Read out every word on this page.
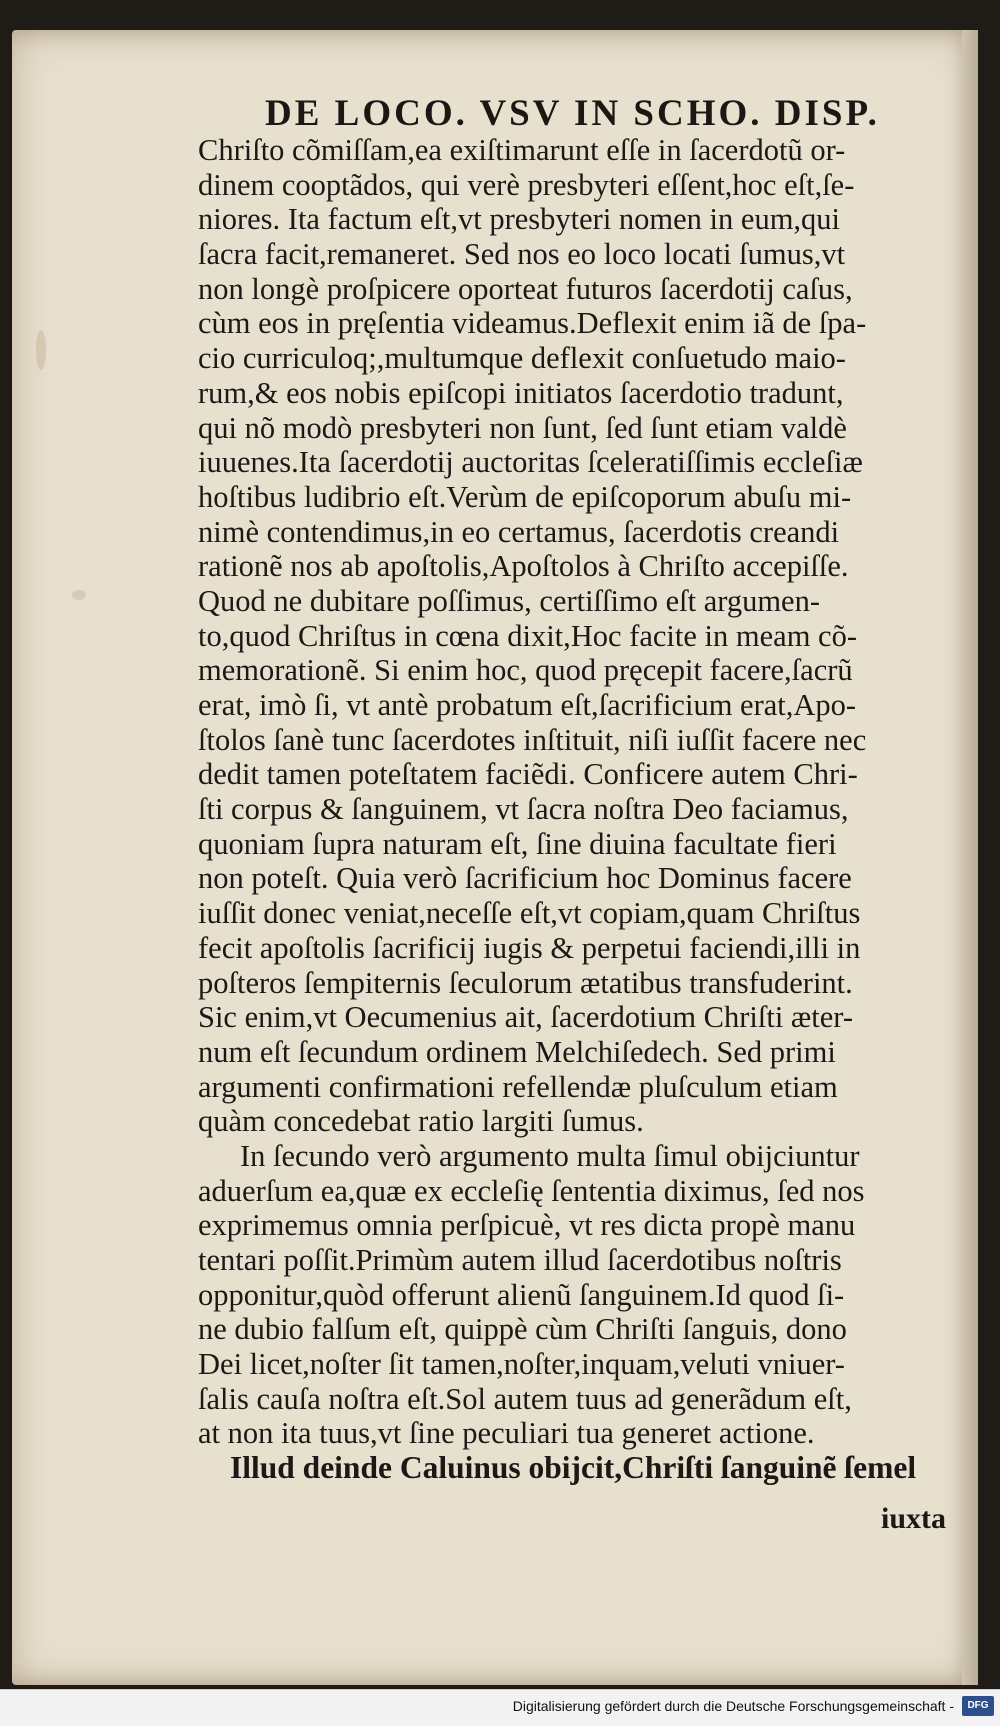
DE LOCO. VSV IN SCHO. DISP.
Chriſto cõmiſſam,ea exiſtimarunt eſſe in ſacerdotũ or-
dinem cooptãdos, qui verè presbyteri eſſent,hoc eſt,ſe-
niores. Ita factum eſt,vt presbyteri nomen in eum,qui
ſacra facit,remaneret. Sed nos eo loco locati ſumus,vt
non longè proſpicere oporteat futuros ſacerdotij caſus,
cùm eos in pręſentia videamus.Deflexit enim iã de ſpa-
cio curriculoq;,multumque deflexit conſuetudo maio-
rum,& eos nobis epiſcopi initiatos ſacerdotio tradunt,
qui nõ modò presbyteri non ſunt, ſed ſunt etiam valdè
iuuenes.Ita ſacerdotij auctoritas ſceleratiſſimis eccleſiæ
hoſtibus ludibrio eſt.Verùm de epiſcoporum abuſu mi-
nimè contendimus,in eo certamus, ſacerdotis creandi
rationẽ nos ab apoſtolis,Apoſtolos à Chriſto accepiſſe.
Quod ne dubitare poſſimus, certiſſimo eſt argumen-
to,quod Chriſtus in cœna dixit,Hoc facite in meam cõ-
memorationẽ. Si enim hoc, quod pręcepit facere,ſacrũ
erat, imò ſi, vt antè probatum eſt,ſacrificium erat,Apo-
ſtolos ſanè tunc ſacerdotes inſtituit, niſi iuſſit facere nec
dedit tamen poteſtatem faciẽdi. Conficere autem Chri-
ſti corpus & ſanguinem, vt ſacra noſtra Deo faciamus,
quoniam ſupra naturam eſt, ſine diuina facultate fieri
non poteſt. Quia verò ſacrificium hoc Dominus facere
iuſſit donec veniat,neceſſe eſt,vt copiam,quam Chriſtus
fecit apoſtolis ſacrificij iugis & perpetui faciendi,illi in
poſteros ſempiternis ſeculorum ætatibus transfuderint.
Sic enim,vt Oecumenius ait, ſacerdotium Chriſti æter-
num eſt ſecundum ordinem Melchiſedech. Sed primi
argumenti confirmationi refellendæ pluſculum etiam
quàm concedebat ratio largiti ſumus.
In ſecundo verò argumento multa ſimul obijciuntur
aduerſum ea,quæ ex eccleſię ſententia diximus, ſed nos
exprimemus omnia perſpicuè, vt res dicta propè manu
tentari poſſit.Primùm autem illud ſacerdotibus noſtris
opponitur,quòd offerunt alienũ ſanguinem.Id quod ſi-
ne dubio falſum eſt, quippè cùm Chriſti ſanguis, dono
Dei licet,noſter ſit tamen,noſter,inquam,veluti vniuer-
ſalis cauſa noſtra eſt.Sol autem tuus ad generãdum eſt,
at non ita tuus,vt ſine peculiari tua generet actione.
Illud deinde Caluinus obijcit,Chriſti ſanguinẽ ſemel
iuxta
Digitalisierung gefördert durch die Deutsche Forschungsgemeinschaft -	DFG
